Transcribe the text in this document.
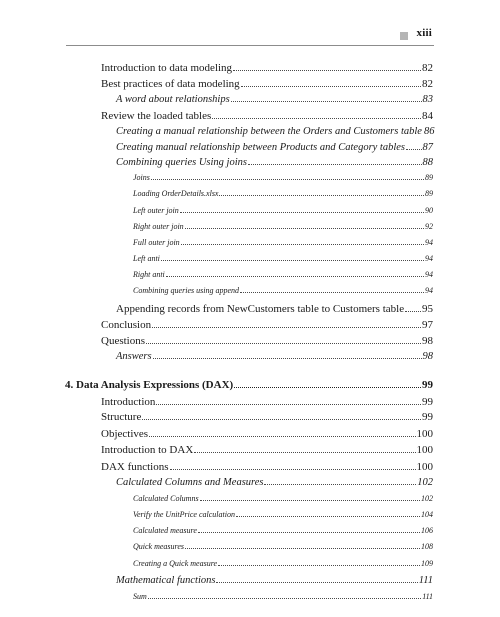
xiii
Introduction to data modeling	82
Best practices of data modeling	82
A word about relationships	83
Review the loaded tables	84
Creating a manual relationship between the Orders and Customers table 86
Creating manual relationship between Products and Category tables 87
Combining queries Using joins	88
Joins	89
Loading OrderDetails.xlsx	89
Left outer join	90
Right outer join	92
Full outer join	94
Left anti	94
Right anti	94
Combining queries using append	94
Appending records from NewCustomers table to Customers table 95
Conclusion	97
Questions	98
Answers	98
4. Data Analysis Expressions (DAX)	99
Introduction	99
Structure	99
Objectives	100
Introduction to DAX	100
DAX functions	100
Calculated Columns and Measures	102
Calculated Columns	102
Verify the UnitPrice calculation	104
Calculated measure	106
Quick measures	108
Creating a Quick measure	109
Mathematical functions	111
Sum	111
